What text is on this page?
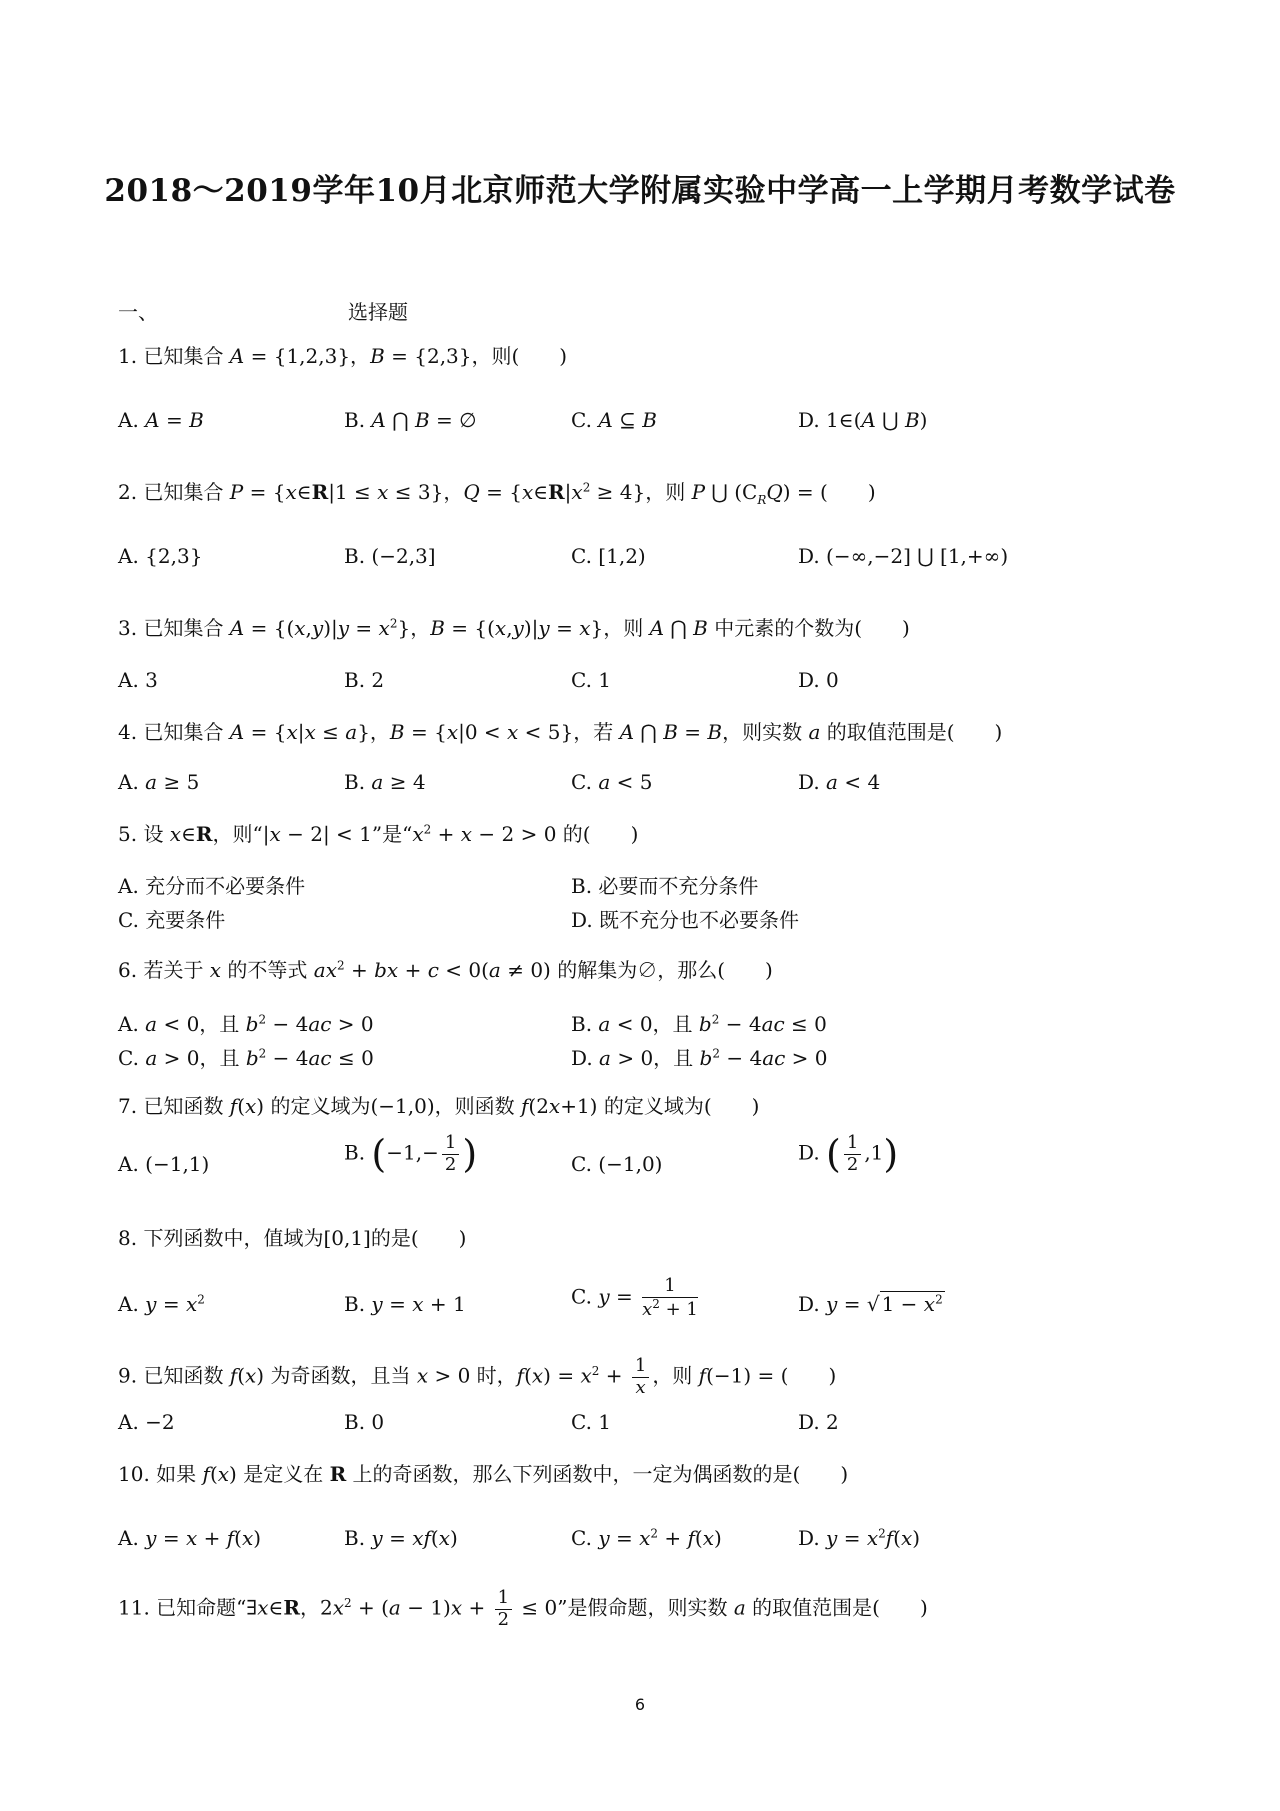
2018～2019学年10月北京师范大学附属实验中学高一上学期月考数学试卷
一、	选择题
1. 已知集合 A = {1,2,3}，B = {2,3}，则(　　)
A. A = B	B. A ⋂ B = ∅	C. A ⊆ B	D. 1∈(A ⋃ B)
2. 已知集合 P = {x∈R|1 ≤ x ≤ 3}，$Q = \{x\in R|x^2 \ge 4\}$，则 P ⋃ $(C_RQ)$ = (　　)
A. {2,3}	B. (−2,3]	C. [1,2)	D. (−∞,−2] ⋃ [1,+∞)
3. 已知集合 $A = \{(x,y)|y = x^2\}$，B = {(x,y)|y = x}，则 A ⋂ B 中元素的个数为(　　)
A. 3	B. 2	C. 1	D. 0
4. 已知集合 A = {x|x ≤ a}，B = {x|0 < x < 5}，若 A ⋂ B = B，则实数 a 的取值范围是(　　)
A. a ≥ 5	B. a ≥ 4	C. a < 5	D. a < 4
5. 设 x∈R，则“|x − 2| < 1”是“$x^2 + x - 2 > 0$ 的(　　)
A. 充分而不必要条件	B. 必要而不充分条件
C. 充要条件	D. 既不充分也不必要条件
6. 若关于 x 的不等式 $ax^2$ + bx + c < 0(a ≠ 0) 的解集为∅，那么(　　)
A. a < 0，且 $b^2 - 4ac > 0$	B. a < 0，且 $b^2 - 4ac \le 0$
C. a > 0，且 $b^2 - 4ac \le 0$	D. a > 0，且 $b^2 - 4ac > 0$
7. 已知函数 f(x) 的定义域为(−1,0)，则函数 f(2x+1) 的定义域为(　　)
A. (−1,1)	B. ($-1,- \frac{1}{2}$ )	C. (−1,0)	D. ( $\frac{1}{2} ,1$)
8. 下列函数中，值域为[0,1]的是(　　)
A. $y = x^2$	B. y = x + 1	C. $y = \frac{1}{x^2 + 1}$	D. y = √ $1 - x^2$
9. 已知函数 f(x) 为奇函数，且当 x > 0 时，$f(x) = x^2 + \frac{1}{x}$ ，则 f(−1) = (　　)
A. −2	B. 0	C. 1	D. 2
10. 如果 f(x) 是定义在 R 上的奇函数，那么下列函数中，一定为偶函数的是(　　)
A. y = x + f(x)	B. y = xf(x)	C. $y = x^2 + f(x)$	D. $y = x^2f(x)$
11. 已知命题“∃x∈R，$2x^2 + (a - 1)x + \frac{1}{2} \le 0$”是假命题，则实数 a 的取值范围是(　　)
6
